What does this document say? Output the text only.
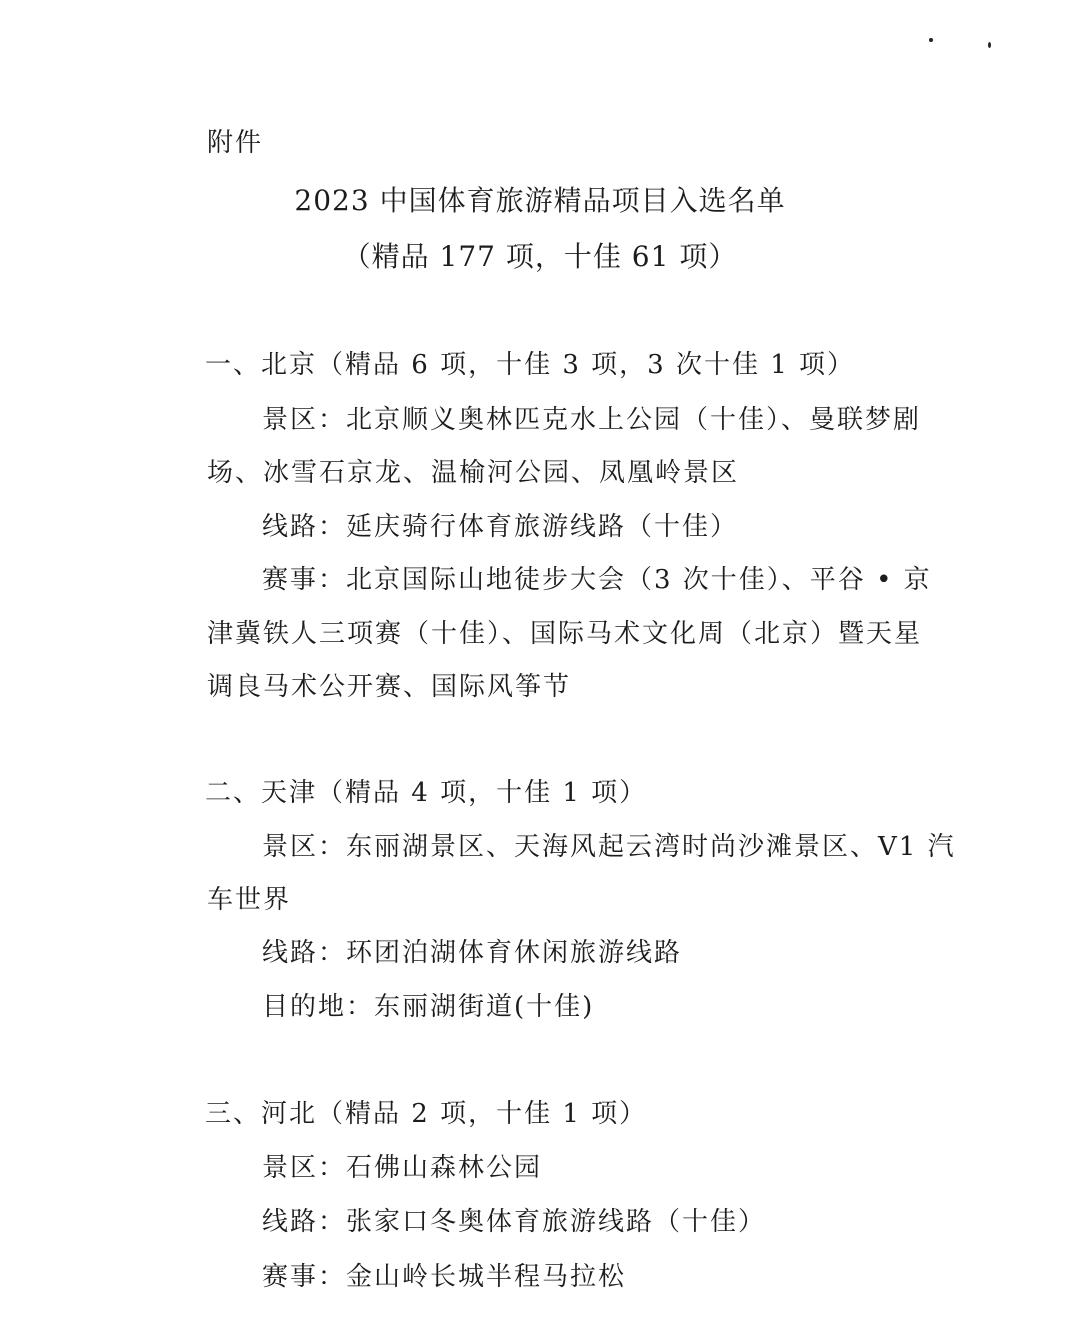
附件
2023 中国体育旅游精品项目入选名单
（精品 177 项，十佳 61 项）
一、北京（精品 6 项，十佳 3 项，3 次十佳 1 项）
景区：北京顺义奥林匹克水上公园（十佳）、曼联梦剧
场、冰雪石京龙、温榆河公园、凤凰岭景区
线路：延庆骑行体育旅游线路（十佳）
赛事：北京国际山地徒步大会（3 次十佳）、平谷 • 京
津冀铁人三项赛（十佳）、国际马术文化周（北京）暨天星
调良马术公开赛、国际风筝节
二、天津（精品 4 项，十佳 1 项）
景区：东丽湖景区、天海风起云湾时尚沙滩景区、V1 汽
车世界
线路：环团泊湖体育休闲旅游线路
目的地：东丽湖街道(十佳)
三、河北（精品 2 项，十佳 1 项）
景区：石佛山森林公园
线路：张家口冬奥体育旅游线路（十佳）
赛事：金山岭长城半程马拉松
